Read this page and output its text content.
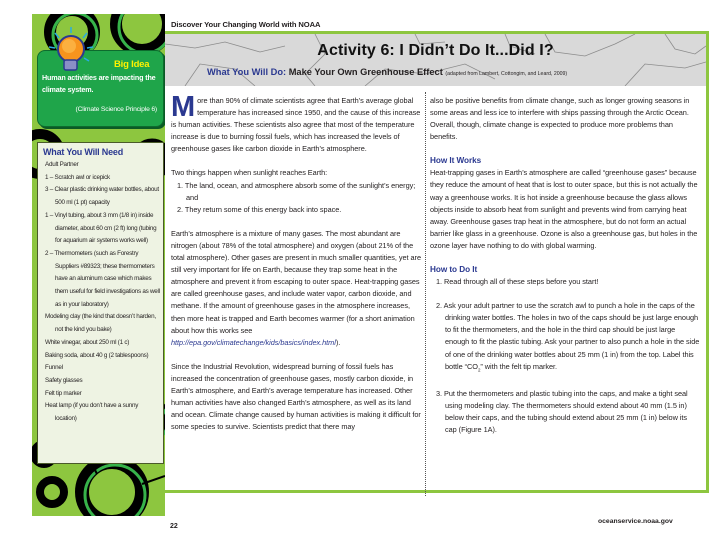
Big Idea
Human activities are impacting the climate system.
(Climate Science Principle 6)
What You Will Need
Adult Partner
1 – Scratch awl or icepick
3 – Clear plastic drinking water bottles, about 500 ml (1 pt) capacity
1 – Vinyl tubing, about 3 mm (1/8 in) inside diameter, about 60 cm (2 ft) long (tubing for aquarium air systems works well)
2 – Thermometers (such as Forestry Suppliers #89323; these thermometers have an aluminum case which makes them useful for field investigations as well as in your laboratory)
Modeling clay (the kind that doesn’t harden, not the kind you bake)
White vinegar, about 250 ml (1 c)
Baking soda, about 40 g (2 tablespoons)
Funnel
Safety glasses
Felt tip marker
Heat lamp (if you don’t have a sunny location)
Discover Your Changing World with NOAA
Activity 6: I Didn’t Do It...Did I?
What You Will Do: Make Your Own Greenhouse Effect (adapted from Lambert, Cottongim, and Leard, 2009)

More than 90% of climate scientists agree that Earth’s average global temperature has increased since 1950, and the cause of this increase is human activities. These scientists also agree that most of the temperature increase is due to burning fossil fuels, which has increased the levels of greenhouse gases like carbon dioxide in Earth’s atmosphere.

Two things happen when sunlight reaches Earth:

1. The land, ocean, and atmosphere absorb some of the sunlight’s energy; and
2. They return some of this energy back into space.

Earth’s atmosphere is a mixture of many gases. The most abundant are nitrogen (about 78% of the total atmosphere) and oxygen (about 21% of the total atmosphere). Other gases are present in much smaller quantities, yet are still very important for life on Earth, because they trap some heat in the atmosphere and prevent it from escaping to outer space. Heat-trapping gases are called greenhouse gases, and include water vapor, carbon dioxide, and methane. If the amount of greenhouse gases in the atmosphere increases, then more heat is trapped and Earth becomes warmer (for a short animation about how this works see http://epa.gov/climatechange/kids/basics/index.html).

Since the Industrial Revolution, widespread burning of fossil fuels has increased the concentration of greenhouse gases, mostly carbon dioxide, in Earth’s atmosphere, and Earth’s average temperature has increased. Other human activities have also changed Earth’s atmosphere, as well as its land and ocean. Climate change caused by human activities is making it difficult for some species to survive. Scientists predict that there may

also be positive benefits from climate change, such as longer growing seasons in some areas and less ice to interfere with ships passing through the Arctic Ocean. Overall, though, climate change is expected to produce more problems than benefits.

How It Works

Heat-trapping gases in Earth’s atmosphere are called “greenhouse gases” because they reduce the amount of heat that is lost to outer space, but this is not actually the way a greenhouse works. It is hot inside a greenhouse because the glass allows objects inside to absorb heat from sunlight and prevents wind from carrying heat away. Greenhouse gases trap heat in the atmosphere, but do not form an actual barrier like glass in a greenhouse. Ozone is also a greenhouse gas, but holes in the ozone layer have nothing to do with global warming.

How to Do It
1. Read through all of these steps before you start!
2. Ask your adult partner to use the scratch awl to punch a hole in the caps of the drinking water bottles. The holes in two of the caps should be just large enough to fit the thermometers, and the hole in the third cap should be just large enough to fit the plastic tubing. Ask your partner to also punch a hole in the side of one of the drinking water bottles about 25 mm (1 in) from the top. Label this bottle “$CO_2$” with the felt tip marker.
3. Put the thermometers and plastic tubing into the caps, and make a tight seal using modeling clay. The thermometers should extend about 40 mm (1.5 in) below their caps, and the tubing should extend about 25 mm (1 in) below its cap (Figure 1A).
22
oceanservice.noaa.gov
